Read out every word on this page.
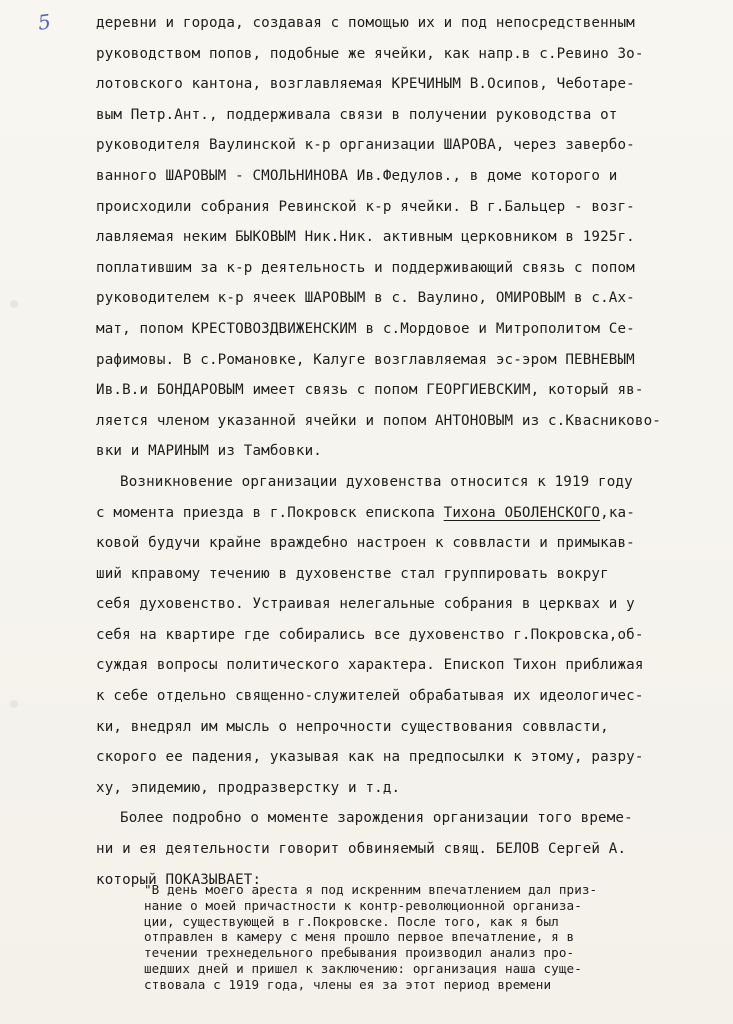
5	деревни и города, создавая с помощью их и под непосредственным
руководством попов, подобные же ячейки, как напр.в с.Ревино Зо-
лотовского кантона, возглавляемая КРЕЧИНЫМ В.Осипов, Чеботаре-
вым Петр.Ант., поддерживала связи в получении руководства от
руководителя Ваулинской к-р организации ШАРОВА, через завербо-
ванного ШАРОВЫМ - СМОЛЬНИНОВА Ив.Федулов., в доме которого и
происходили собрания Ревинской к-р ячейки. В г.Бальцер - возг-
лавляемая неким БЫКОВЫМ Ник.Ник. активным церковником в 1925г.
поплатившим за к-р деятельность и поддерживающий связь с попом
руководителем к-р ячеек ШАРОВЫМ в с. Ваулино, ОМИРОВЫМ в с.Ах-
мат, попом КРЕСТОВОЗДВИЖЕНСКИМ в с.Мордовое и Митрополитом Се-
рафимовы. В с.Романовке, Калуге возглавляемая эс-эром ПЕВНЕВЫМ
Ив.В.и БОНДАРОВЫМ имеет связь с попом ГЕОРГИЕВСКИМ, который яв-
ляется членом указанной ячейки и попом АНТОНОВЫМ из с.Квасниково-
вки и МАРИНЫМ из Тамбовки.
Возникновение организации духовенства относится к 1919 году
с момента приезда в г.Покровск епископа Тихона ОБОЛЕНСКОГО,ка-
ковой будучи крайне враждебно настроен к соввласти и примыкав-
ший кправому течению в духовенстве стал группировать вокруг
себя духовенство. Устраивая нелегальные собрания в церквах и у
себя на квартире где собирались все духовенство г.Покровска,об-
суждая вопросы политического характера. Епископ Тихон приближая
к себе отдельно священно-служителей обрабатывая их идеологичес-
ки, внедрял им мысль о непрочности существования соввласти,
скорого ее падения, указывая как на предпосылки к этому, разру-
ху, эпидемию, продразверстку и т.д.
Более подробно о моменте зарождения организации того време-
ни и ея деятельности говорит обвиняемый свящ. БЕЛОВ Сергей А.
который ПОКАЗЫВАЕТ:
"В день моего ареста я под искренним впечатлением дал приз-
нание о моей причастности к контр-революционной организа-
ции, существующей в г.Покровске. После того, как я был
отправлен в камеру с меня прошло первое впечатление, я в
течении трехнедельного пребывания производил анализ про-
шедших дней и пришел к заключению: организация наша суще-
ствовала с 1919 года, члены ея за этот период времени
